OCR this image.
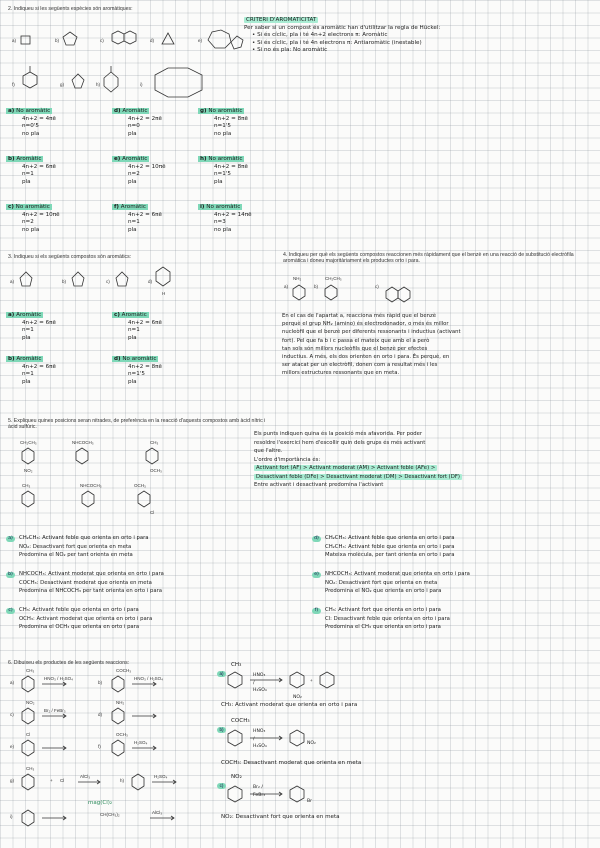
2. Indiqueu si les següents espècies són aromàtiques:
a)	b)	c)	d)	e)
f)	g)	h)	i)
CRITERI D'AROMATICITAT
Per saber si un compost és aromàtic han d'utilitzar la regla de Hückel:
• Si és cíclic, pla i té 4n+2 electrons π: Aromàtic
• Si és cíclic, pla i té 4n electrons π: Antiaromàtic (inestable)
• Si no és pla: No aromàtic
a) No aromàtic
4n+2 = 4πē
n=0'5
no pla
d) Aromàtic
4n+2 = 2πē
n=0
pla
g) No aromàtic
4n+2 = 8πē
n=1'5
no pla
b) Aromàtic
4n+2 = 6πē
n=1
pla
e) Aromàtic
4n+2 = 10πē
n=2
pla
h) No aromàtic
4n+2 = 8πē
n=1'5
pla
c) No aromàtic
4n+2 = 10πē
n=2
no pla
f) Aromàtic
4n+2 = 6πē
n=1
pla
i) No aromàtic
4n+2 = 14πē
n=3
no pla
3. Indiqueu si els següents compostos són aromàtics:
a)	b)	c)	d)
H
a) Aromàtic
4n+2 = 6πē
n=1
pla
c) Aromàtic
4n+2 = 6πē
n=1
pla
b) Aromàtic
4n+2 = 6πē
n=1
pla
d) No aromàtic
4n+2 = 8πē
n=1'5
pla
4. Indiqueu per què els següents compostos reaccionen més ràpidament que el benzè en una reacció de substitució electròfila aromàtica i doneu majoritàriament els productes orto i para.
a)
NH₂
b)
CH₂CH₃
c)
En el cas de l'apartat a, reacciona més ràpid que el benzè
perquè el grup NH₂ (amino) és electrodonador, o més és millor
nucleòfil que el benzè per diferents ressonants i inductius (activant
fort). Pel que fa b i c passa el mateix que amb el a però
tan sols són millors nucleòfils que el benzè per efectes
inductius. A més, els dos orienten en orto i para. És perquè, en
ser atacat per un electròfil, donen com a resultat més i les
millors estructures ressonants que en meta.
5. Expliqueu quines posicions seran nitrades, de preferència en la reacció d'aquests compostos amb àcid nítric i àcid sulfúric.
CH₂CH₃
NO₂
NHCOCH₃	CH₃
OCH₃
CH₃	NHCOCH₃	OCH₃
Cl
Els punts indiquen quina és la posició més afavorida. Per poder
resoldre l'exercici hem d'escollir quin dels grups és més activant
que l'altre.
L'ordre d'importància és:
Activant fort (AF) > Activant moderat (AM) > Activant feble (AFe) >
Desactivant feble (DFe) > Desactivant moderat (DM) > Desactivant fort (DF)
Entre activant i desactivant predomina l'activant
a) CH₂CH₃: Activant feble que orienta en orto i para
NO₂: Desactivant fort que orienta en meta
Predomina el NO₂ per tant orienta en meta
b) NHCOCH₃: Activant moderat que orienta en orto i para
COCH₃: Desactivant moderat que orienta en meta
Predomina el NHCOCH₃ per tant orienta en orto i para
c) CH₃: Activant feble que orienta en orto i para
OCH₃: Activant moderat que orienta en orto i para
Predomina el OCH₃ que orienta en orto i para
d) CH₂CH₃: Activant feble que orienta en orto i para
CH₂CH₃: Activant feble que orienta en orto i para
Mateixa molècula, per tant orienta en orto i para
e) NHCOCH₃: Activant moderat que orienta en orto i para
NO₂: Desactivant fort que orienta en meta
Predomina el NO₂ que orienta en orto i para
f) CH₃: Activant fort que orienta en orto i para
Cl: Desactivant feble que orienta en orto i para
Predomina el CH₃ que orienta en orto i para
6. Dibuixeu els productes de les següents reaccions:
a)
CH₃
HNO₃ / H₂SO₄
b)
COCH₃
HNO₃ / H₂SO₄
c)
NO₂
Br₂ / FeBr₃
d)
NH₂
e)
Cl
f)
OCH₃
H₂SO₄
g)
CH₃
+ Cl
AlCl₃
h)
H₂SO₄
i)	CH(CH₃)₂	AlCl₃
mag(Cl)₂
+
a)
CH₃
HNO₃ / H₂SO₄
NO₂
CH₃: Activant moderat que orienta en orto i para
b)
COCH₃
HNO₃ / H₂SO₄
NO₂
COCH₃: Desactivant moderat que orienta en meta
c)
NO₂
Br₂ / FeBr₃
Br
NO₂: Desactivant fort que orienta en meta
